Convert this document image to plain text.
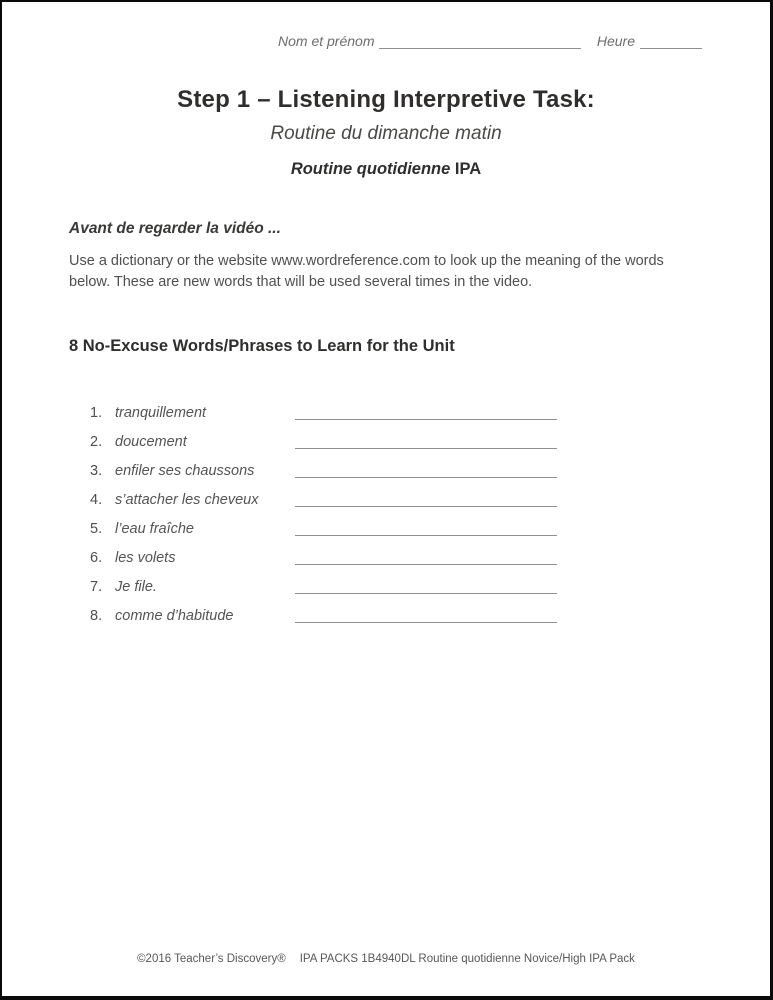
Nom et prénom	Heure
Step 1 – Listening Interpretive Task:
Routine du dimanche matin
Routine quotidienne IPA
Avant de regarder la vidéo ...

Use a dictionary or the website www.wordreference.com to look up the meaning of the words below. These are new words that will be used several times in the video.

8 No-Excuse Words/Phrases to Learn for the Unit
1. tranquillement
2. doucement
3. enfiler ses chaussons
4. s’attacher les cheveux
5. l’eau fraîche
6. les volets
7. Je file.
8. comme d’habitude
©2016 Teacher’s Discovery® IPA PACKS 1B4940DL Routine quotidienne Novice/High IPA Pack
